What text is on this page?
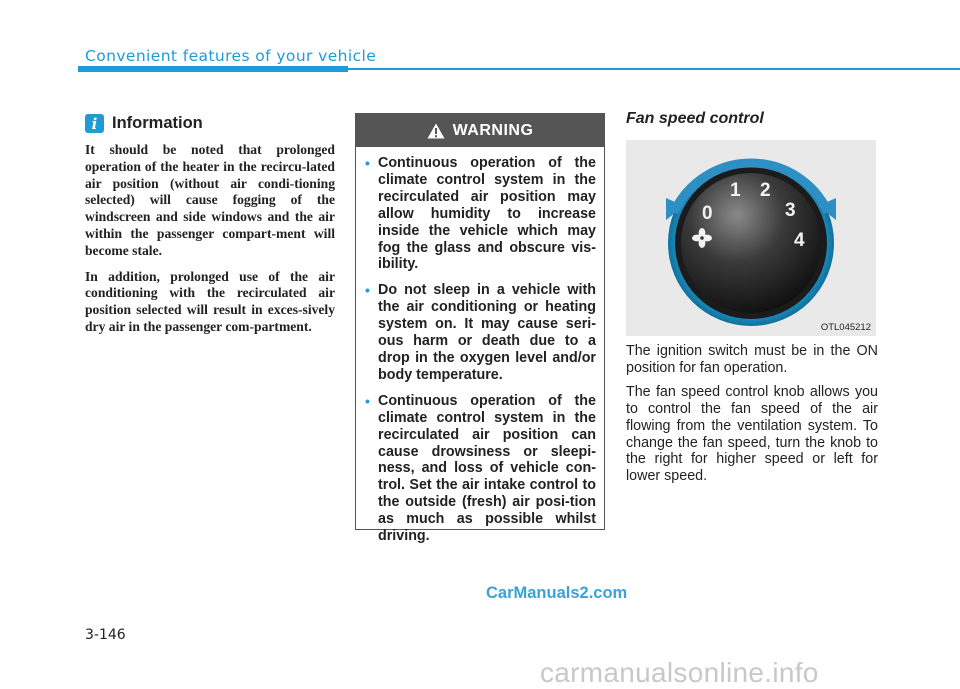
Convenient features of your vehicle
i Information

It should be noted that prolonged operation of the heater in the recircu-lated air position (without air condi-tioning selected) will cause fogging of the windscreen and side windows and the air within the passenger compart-ment will become stale.

In addition, prolonged use of the air conditioning with the recirculated air position selected will result in exces-sively dry air in the passenger com-partment.

WARNING
• Continuous operation of the climate control system in the recirculated air position may allow humidity to increase inside the vehicle which may fog the glass and obscure vis-ibility.
• Do not sleep in a vehicle with the air conditioning or heating system on. It may cause seri-ous harm or death due to a drop in the oxygen level and/or body temperature.
• Continuous operation of the climate control system in the recirculated air position can cause drowsiness or sleepi-ness, and loss of vehicle con-trol. Set the air intake control to the outside (fresh) air posi-tion as much as possible whilst driving.
Fan speed control
0
1 2
3
4
OTL045212

The ignition switch must be in the ON position for fan operation.

The fan speed control knob allows you to control the fan speed of the air flowing from the ventilation system. To change the fan speed, turn the knob to the right for higher speed or left for lower speed.

CarManuals2.com
3-146
carmanualsonline.info
